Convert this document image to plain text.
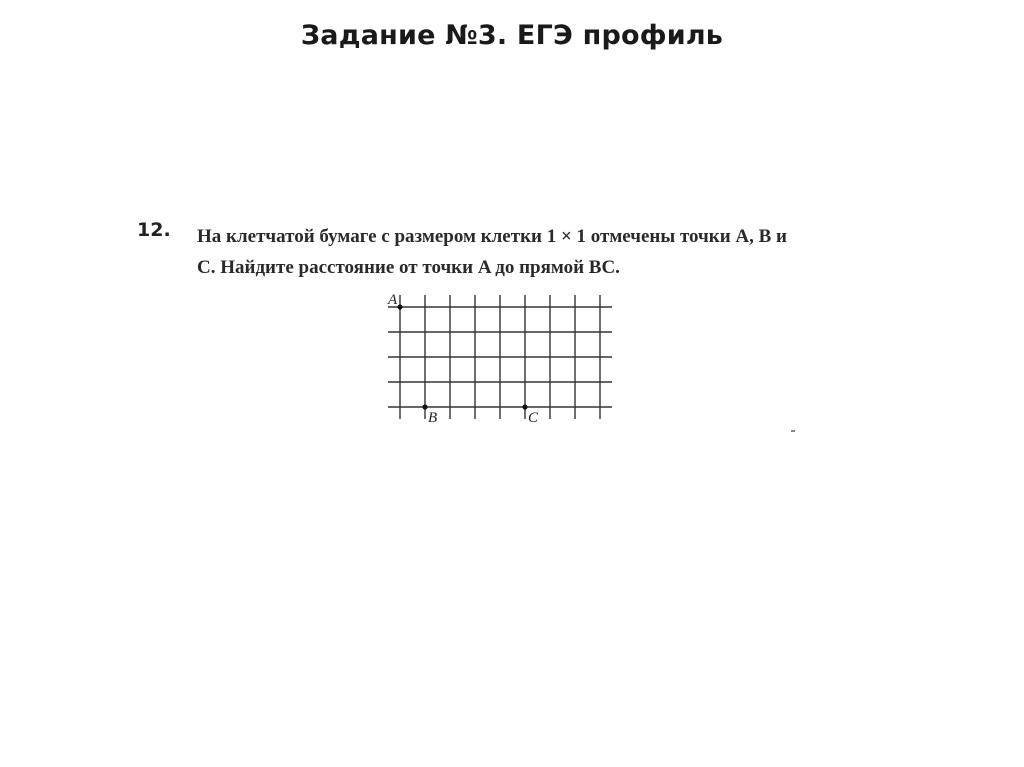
Задание №3. ЕГЭ профиль
12. На клетчатой бумаге с размером клетки 1 × 1 отмечены точки A, B и
C. Найдите расстояние от точки A до прямой BC.
A
B	C
